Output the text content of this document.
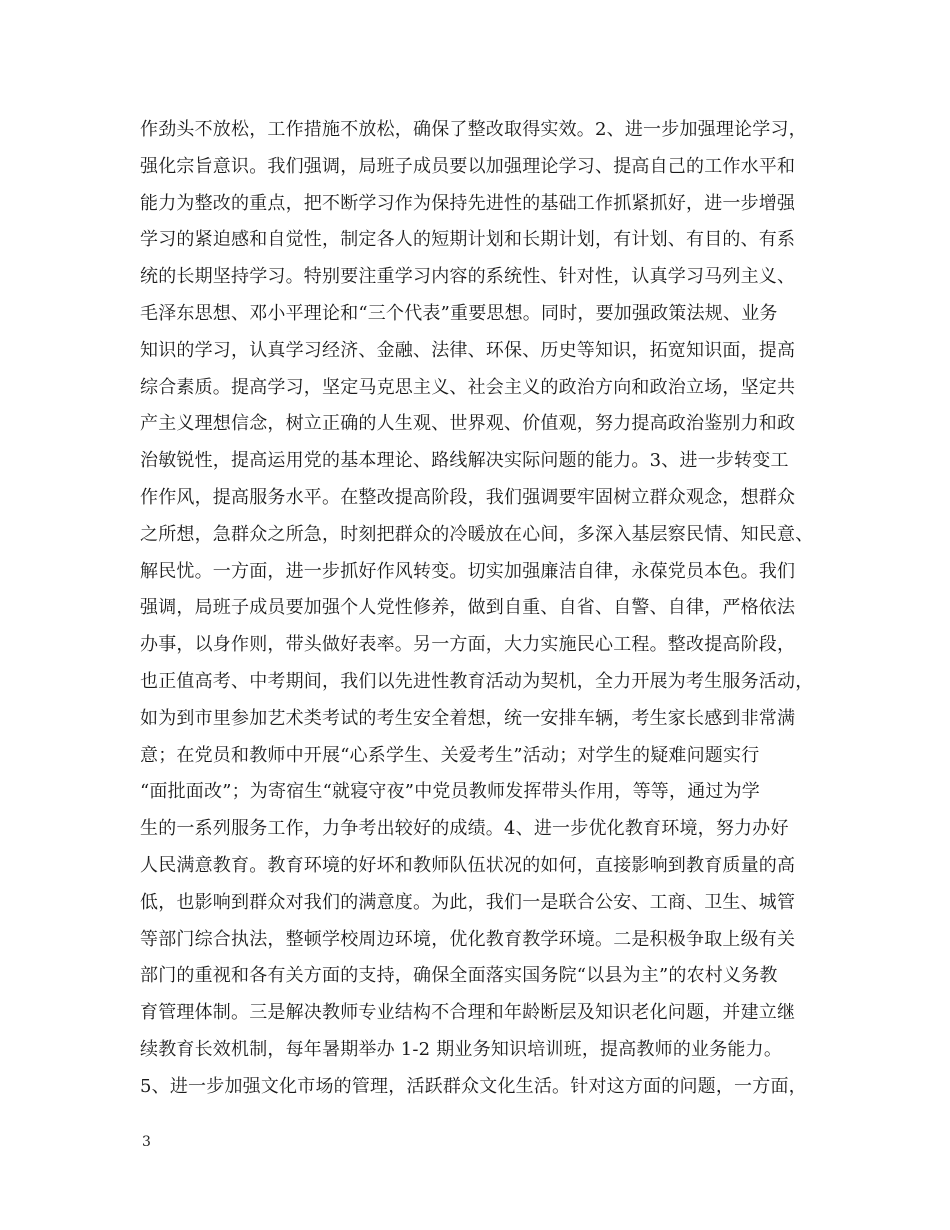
作劲头不放松，工作措施不放松，确保了整改取得实效。2、进一步加强理论学习，
强化宗旨意识。我们强调，局班子成员要以加强理论学习、提高自己的工作水平和
能力为整改的重点，把不断学习作为保持先进性的基础工作抓紧抓好，进一步增强
学习的紧迫感和自觉性，制定各人的短期计划和长期计划，有计划、有目的、有系
统的长期坚持学习。特别要注重学习内容的系统性、针对性，认真学习马列主义、
毛泽东思想、邓小平理论和“三个代表”重要思想。同时，要加强政策法规、业务
知识的学习，认真学习经济、金融、法律、环保、历史等知识，拓宽知识面，提高
综合素质。提高学习，坚定马克思主义、社会主义的政治方向和政治立场，坚定共
产主义理想信念，树立正确的人生观、世界观、价值观，努力提高政治鉴别力和政
治敏锐性，提高运用党的基本理论、路线解决实际问题的能力。3、进一步转变工
作作风，提高服务水平。在整改提高阶段，我们强调要牢固树立群众观念，想群众
之所想，急群众之所急，时刻把群众的冷暖放在心间，多深入基层察民情、知民意、
解民忧。一方面，进一步抓好作风转变。切实加强廉洁自律，永葆党员本色。我们
强调，局班子成员要加强个人党性修养，做到自重、自省、自警、自律，严格依法
办事，以身作则，带头做好表率。另一方面，大力实施民心工程。整改提高阶段，
也正值高考、中考期间，我们以先进性教育活动为契机，全力开展为考生服务活动，
如为到市里参加艺术类考试的考生安全着想，统一安排车辆，考生家长感到非常满
意；在党员和教师中开展“心系学生、关爱考生”活动；对学生的疑难问题实行
“面批面改”；为寄宿生“就寝守夜”中党员教师发挥带头作用，等等，通过为学
生的一系列服务工作，力争考出较好的成绩。4、进一步优化教育环境，努力办好
人民满意教育。教育环境的好坏和教师队伍状况的如何，直接影响到教育质量的高
低，也影响到群众对我们的满意度。为此，我们一是联合公安、工商、卫生、城管
等部门综合执法，整顿学校周边环境，优化教育教学环境。二是积极争取上级有关
部门的重视和各有关方面的支持，确保全面落实国务院“以县为主”的农村义务教
育管理体制。三是解决教师专业结构不合理和年龄断层及知识老化问题，并建立继
续教育长效机制，每年暑期举办 1-2 期业务知识培训班，提高教师的业务能力。
5、进一步加强文化市场的管理，活跃群众文化生活。针对这方面的问题，一方面，
3
